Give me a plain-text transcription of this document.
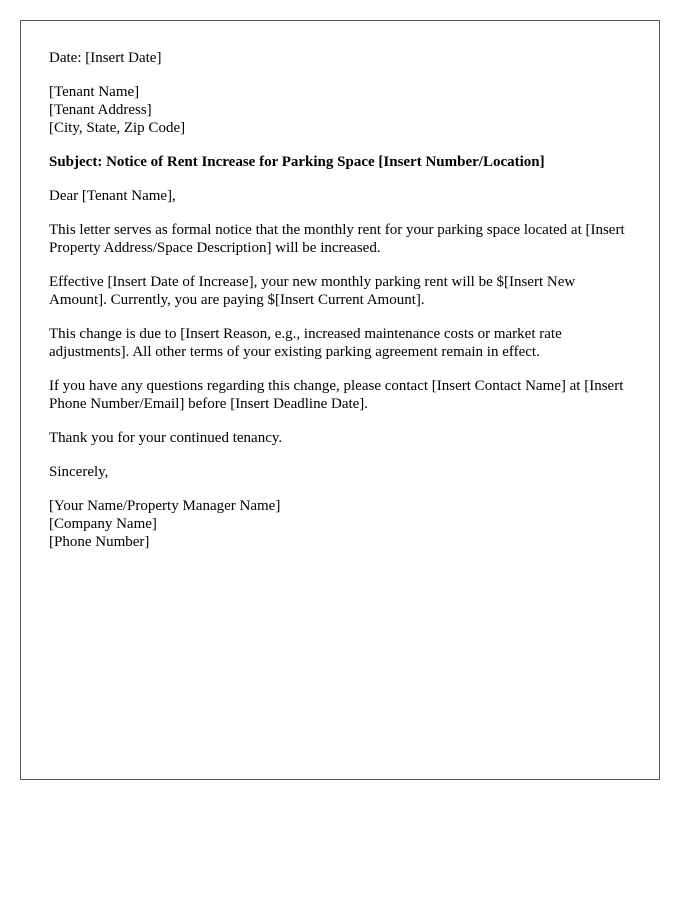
Date: [Insert Date]
[Tenant Name]
[Tenant Address]
[City, State, Zip Code]
Subject: Notice of Rent Increase for Parking Space [Insert Number/Location]
Dear [Tenant Name],
This letter serves as formal notice that the monthly rent for your parking space located at [Insert Property Address/Space Description] will be increased.
Effective [Insert Date of Increase], your new monthly parking rent will be $[Insert New Amount]. Currently, you are paying $[Insert Current Amount].
This change is due to [Insert Reason, e.g., increased maintenance costs or market rate adjustments]. All other terms of your existing parking agreement remain in effect.
If you have any questions regarding this change, please contact [Insert Contact Name] at [Insert Phone Number/Email] before [Insert Deadline Date].
Thank you for your continued tenancy.
Sincerely,
[Your Name/Property Manager Name]
[Company Name]
[Phone Number]
